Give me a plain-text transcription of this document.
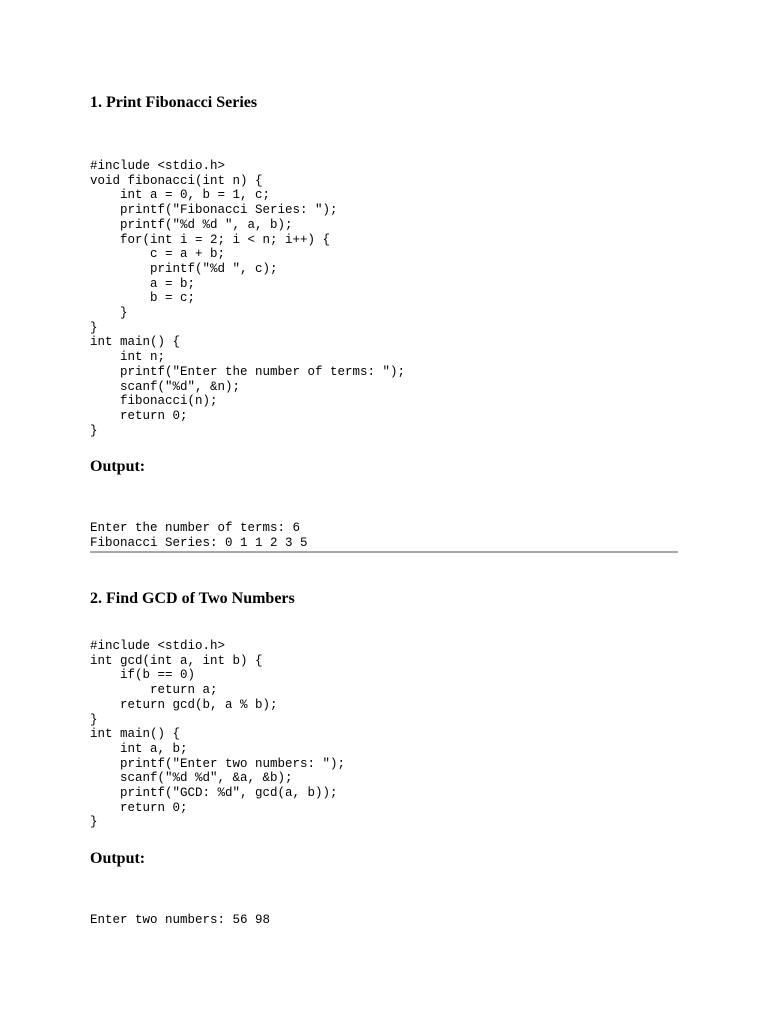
1. Print Fibonacci Series
#include <stdio.h>
void fibonacci(int n) {
int a = 0, b = 1, c;
printf("Fibonacci Series: ");
printf("%d %d ", a, b);
for(int i = 2; i < n; i++) {
c = a + b;
printf("%d ", c);
a = b;
b = c;
}
}
int main() {
int n;
printf("Enter the number of terms: ");
scanf("%d", &n);
fibonacci(n);
return 0;
}

Output:

Enter the number of terms: 6
Fibonacci Series: 0 1 1 2 3 5
2. Find GCD of Two Numbers
#include <stdio.h>
int gcd(int a, int b) {
if(b == 0)
return a;
return gcd(b, a % b);
}
int main() {
int a, b;
printf("Enter two numbers: ");
scanf("%d %d", &a, &b);
printf("GCD: %d", gcd(a, b));
return 0;
}

Output:

Enter two numbers: 56 98
